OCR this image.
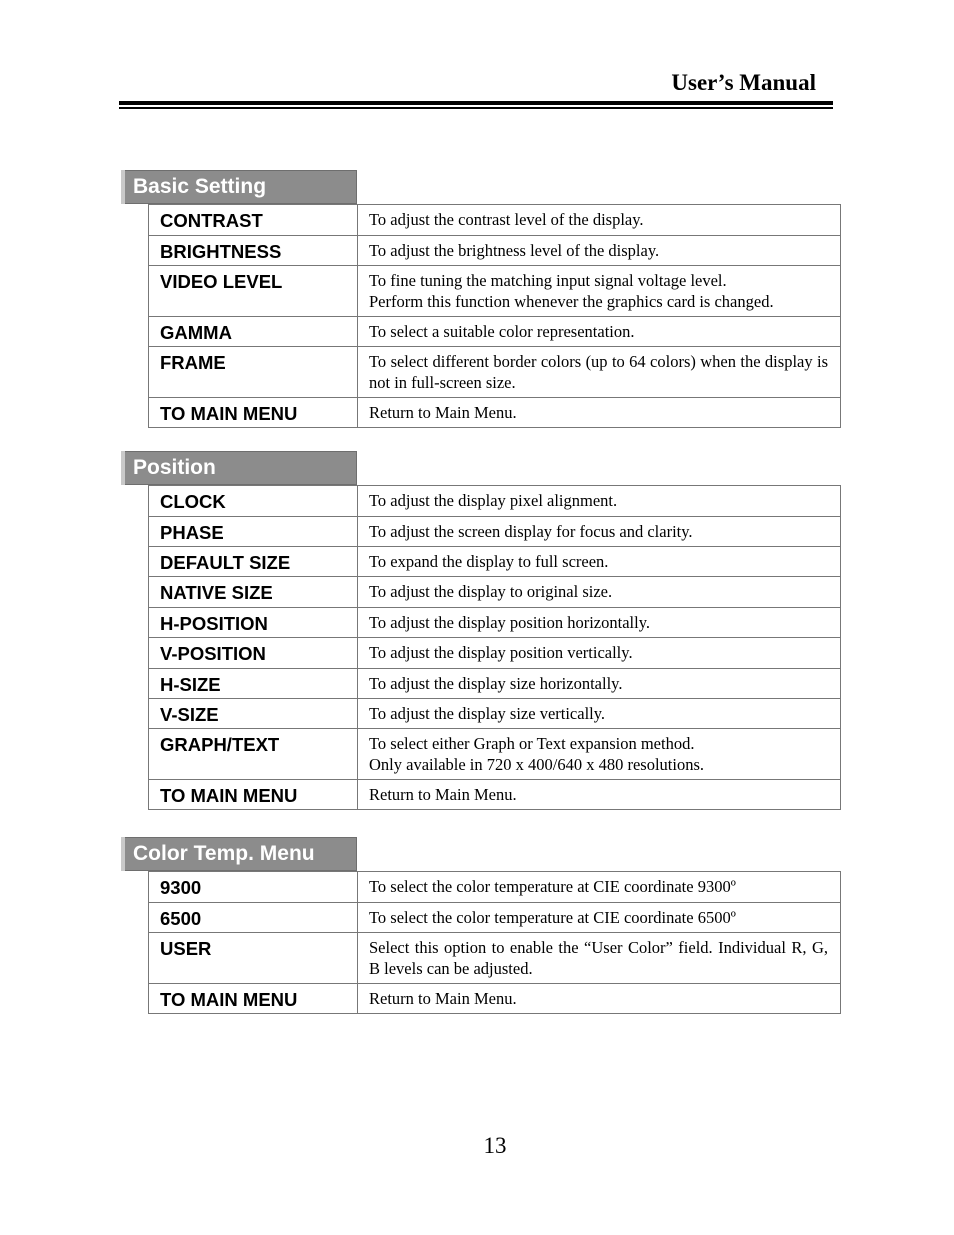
User’s Manual
Basic Setting
CONTRAST	To adjust the contrast level of the display.

BRIGHTNESS	To adjust the brightness level of the display.

VIDEO LEVEL	To fine tuning the matching input signal voltage level.
Perform this function whenever the graphics card is changed.

GAMMA	To select a suitable color representation.

FRAME	To select different border colors (up to 64 colors) when the display is not in full-screen size.

TO MAIN MENU	Return to Main Menu.
Position
CLOCK	To adjust the display pixel alignment.

PHASE	To adjust the screen display for focus and clarity.

DEFAULT SIZE	To expand the display to full screen.

NATIVE SIZE	To adjust the display to original size.

H-POSITION	To adjust the display position horizontally.

V-POSITION	To adjust the display position vertically.

H-SIZE	To adjust the display size horizontally.

V-SIZE	To adjust the display size vertically.

GRAPH/TEXT	To select either Graph or Text expansion method.
Only available in 720 x 400/640 x 480 resolutions.

TO MAIN MENU	Return to Main Menu.
Color Temp. Menu
9300	To select the color temperature at CIE coordinate 9300º

6500	To select the color temperature at CIE coordinate 6500º

USER	Select this option to enable the “User Color” field. Individual R, G, B levels can be adjusted.

TO MAIN MENU	Return to Main Menu.
13
